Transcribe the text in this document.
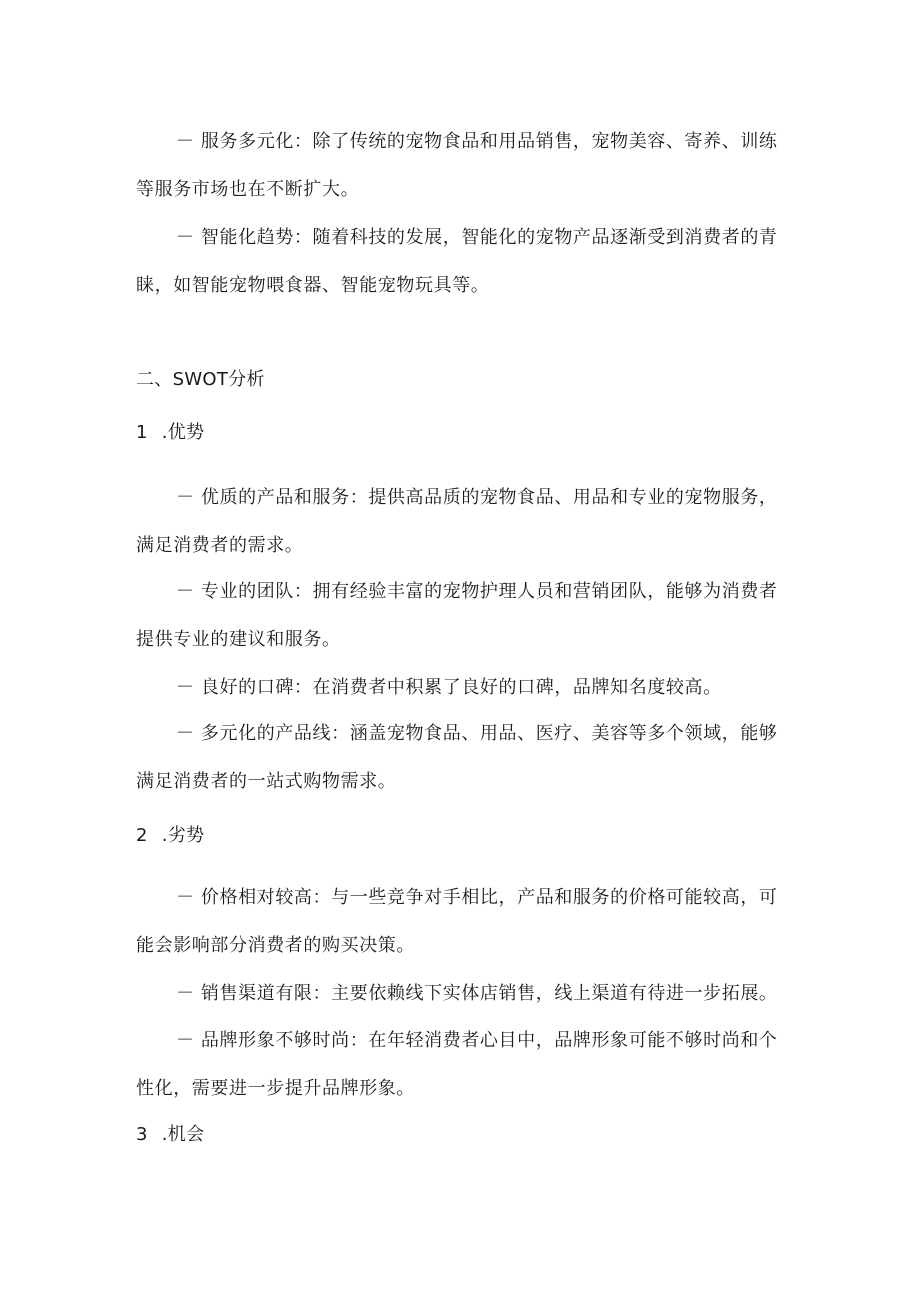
－ 服务多元化：除了传统的宠物食品和用品销售，宠物美容、寄养、训练
等服务市场也在不断扩大。
－ 智能化趋势：随着科技的发展，智能化的宠物产品逐渐受到消费者的青
睐，如智能宠物喂食器、智能宠物玩具等。
二、SWOT分析
1 .优势
－ 优质的产品和服务：提供高品质的宠物食品、用品和专业的宠物服务，
满足消费者的需求。
－ 专业的团队：拥有经验丰富的宠物护理人员和营销团队，能够为消费者
提供专业的建议和服务。
－ 良好的口碑：在消费者中积累了良好的口碑，品牌知名度较高。
－ 多元化的产品线：涵盖宠物食品、用品、医疗、美容等多个领域，能够
满足消费者的一站式购物需求。
2 .劣势
－ 价格相对较高：与一些竞争对手相比，产品和服务的价格可能较高，可
能会影响部分消费者的购买决策。
－ 销售渠道有限：主要依赖线下实体店销售，线上渠道有待进一步拓展。
－ 品牌形象不够时尚：在年轻消费者心目中，品牌形象可能不够时尚和个
性化，需要进一步提升品牌形象。
3 .机会
